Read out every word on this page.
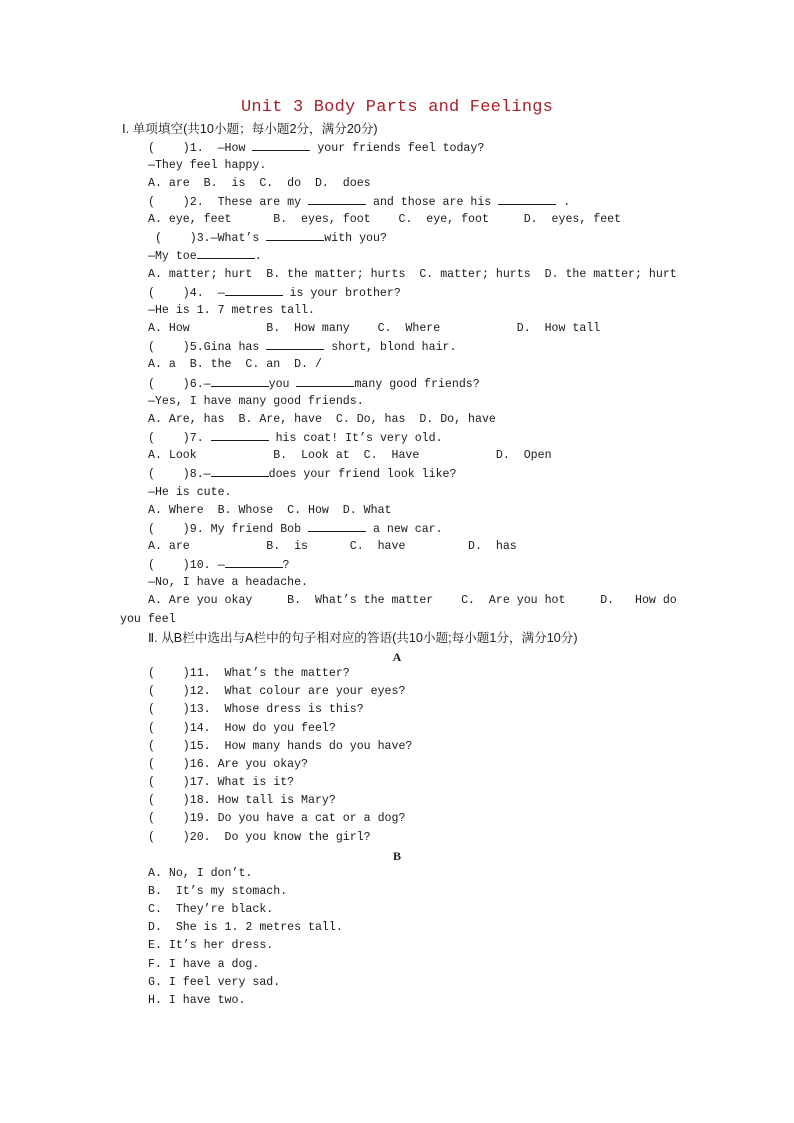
Unit 3 Body Parts and Feelings
Ⅰ. 单项填空(共10小题；每小题2分，满分20分)
(    )1.  —How	your friends feel today?
—They feel happy.
A. are  B.  is  C.  do  D.  does
(    )2.  These are my	and those are his	.
A. eye, feet      B.  eyes, foot    C.  eye, foot     D.  eyes, feet
(    )3.—What’s	with you?
—My toe	.
A. matter; hurt  B. the matter; hurts  C. matter; hurts  D. the matter; hurt
(    )4.  —	is your brother?
—He is 1. 7 metres tall.
A. How           B.  How many    C.  Where           D.  How tall
(    )5.Gina has	short, blond hair.
A. a  B. the  C. an  D. /
(    )6.—	you	many good friends?
—Yes, I have many good friends.
A. Are, has  B. Are, have  C. Do, has  D. Do, have
(    )7.	his coat! It’s very old.
A. Look           B.  Look at  C.  Have           D.  Open
(    )8.—	does your friend look like?
—He is cute.
A. Where  B. Whose  C. How  D. What
(    )9. My friend Bob	a new car.
A. are           B.  is      C.  have         D.  has
(    )10. —	?
—No, I have a headache.
A. Are you okay     B.  What’s the matter    C.  Are you hot     D.   How do
you feel
Ⅱ. 从B栏中选出与A栏中的句子相对应的答语(共10小题;每小题1分，满分10分)
A
(    )11.  What’s the matter?
(    )12.  What colour are your eyes?
(    )13.  Whose dress is this?
(    )14.  How do you feel?
(    )15.  How many hands do you have?
(    )16. Are you okay?
(    )17. What is it?
(    )18. How tall is Mary?
(    )19. Do you have a cat or a dog?
(    )20.  Do you know the girl?
B
A. No, I don’t.
B.  It’s my stomach.
C.  They’re black.
D.  She is 1. 2 metres tall.
E. It’s her dress.
F. I have a dog.
G. I feel very sad.
H. I have two.
